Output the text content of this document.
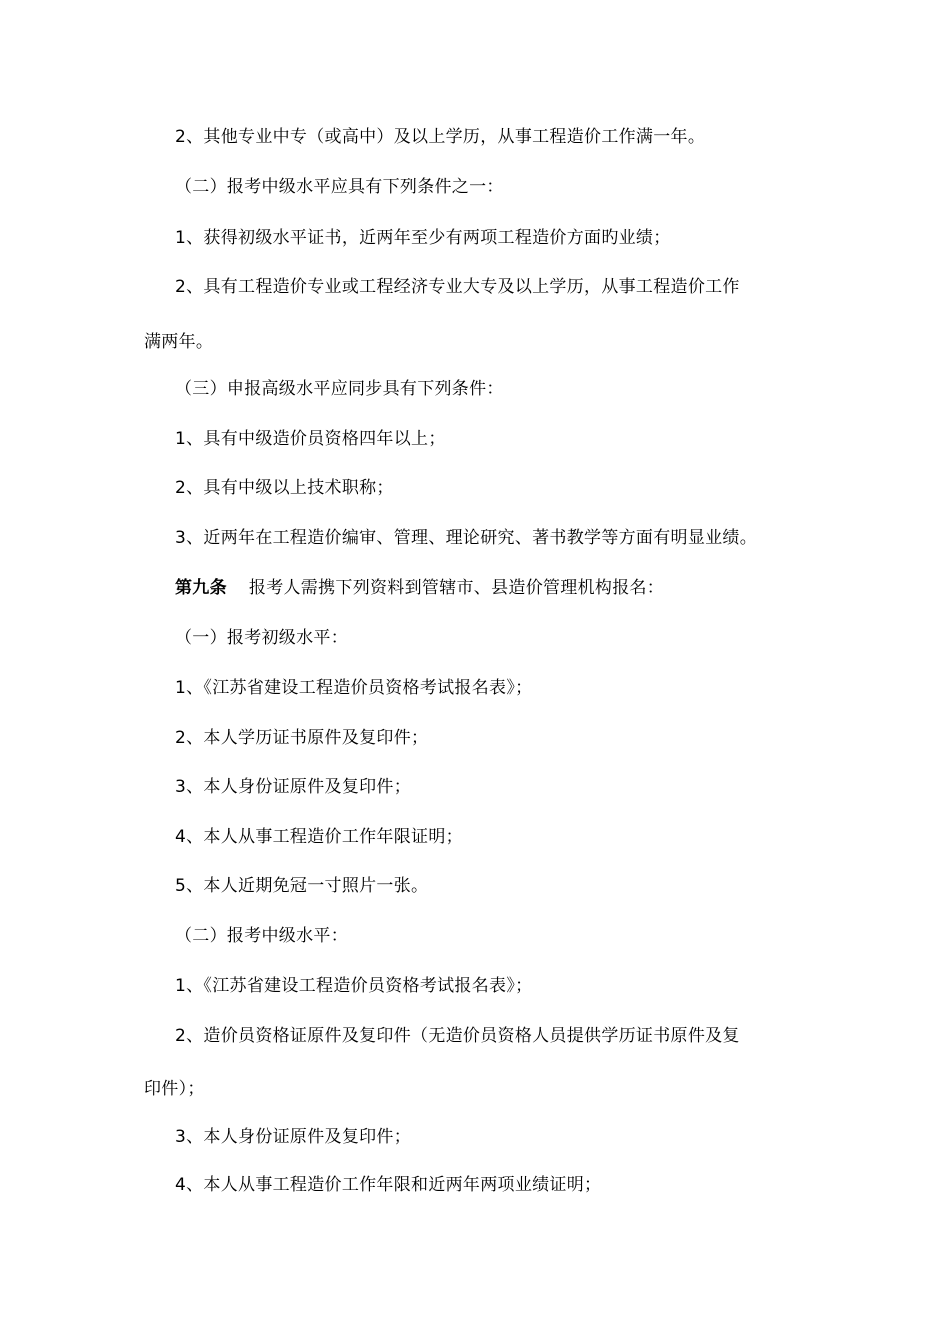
2、其他专业中专（或高中）及以上学历，从事工程造价工作满一年。
（二）报考中级水平应具有下列条件之一：
1、获得初级水平证书，近两年至少有两项工程造价方面旳业绩；
2、具有工程造价专业或工程经济专业大专及以上学历，从事工程造价工作
满两年。
（三）申报高级水平应同步具有下列条件：
1、具有中级造价员资格四年以上；
2、具有中级以上技术职称；
3、近两年在工程造价编审、管理、理论研究、著书教学等方面有明显业绩。
第九条 报考人需携下列资料到管辖市、县造价管理机构报名：
（一）报考初级水平：
1、《江苏省建设工程造价员资格考试报名表》；
2、本人学历证书原件及复印件；
3、本人身份证原件及复印件；
4、本人从事工程造价工作年限证明；
5、本人近期免冠一寸照片一张。
（二）报考中级水平：
1、《江苏省建设工程造价员资格考试报名表》；
2、造价员资格证原件及复印件（无造价员资格人员提供学历证书原件及复
印件）；
3、本人身份证原件及复印件；
4、本人从事工程造价工作年限和近两年两项业绩证明；
